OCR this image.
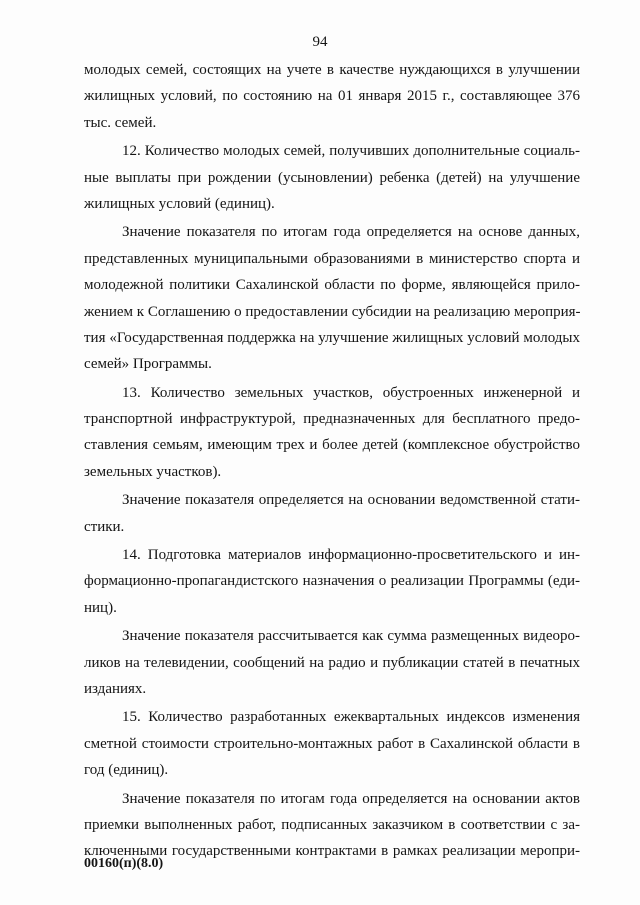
94
молодых семей, состоящих на учете в качестве нуждающихся в улучшении
жилищных условий, по состоянию на 01 января 2015 г., составляющее 376
тыс. семей.
12. Количество молодых семей, получивших дополнительные социаль-
ные выплаты при рождении (усыновлении) ребенка (детей) на улучшение
жилищных условий (единиц).
Значение показателя по итогам года определяется на основе данных,
представленных муниципальными образованиями в министерство спорта и
молодежной политики Сахалинской области по форме, являющейся прило-
жением к Соглашению о предоставлении субсидии на реализацию мероприя-
тия «Государственная поддержка на улучшение жилищных условий молодых
семей» Программы.
13. Количество земельных участков, обустроенных инженерной и
транспортной инфраструктурой, предназначенных для бесплатного предо-
ставления семьям, имеющим трех и более детей (комплексное обустройство
земельных участков).
Значение показателя определяется на основании ведомственной стати-
стики.
14. Подготовка материалов информационно-просветительского и ин-
формационно-пропагандистского назначения о реализации Программы (еди-
ниц).
Значение показателя рассчитывается как сумма размещенных видеоро-
ликов на телевидении, сообщений на радио и публикации статей в печатных
изданиях.
15. Количество разработанных ежеквартальных индексов изменения
сметной стоимости строительно-монтажных работ в Сахалинской области в
год (единиц).
Значение показателя по итогам года определяется на основании актов
приемки выполненных работ, подписанных заказчиком в соответствии с за-
ключенными государственными контрактами в рамках реализации меропри-
00160(п)(8.0)
